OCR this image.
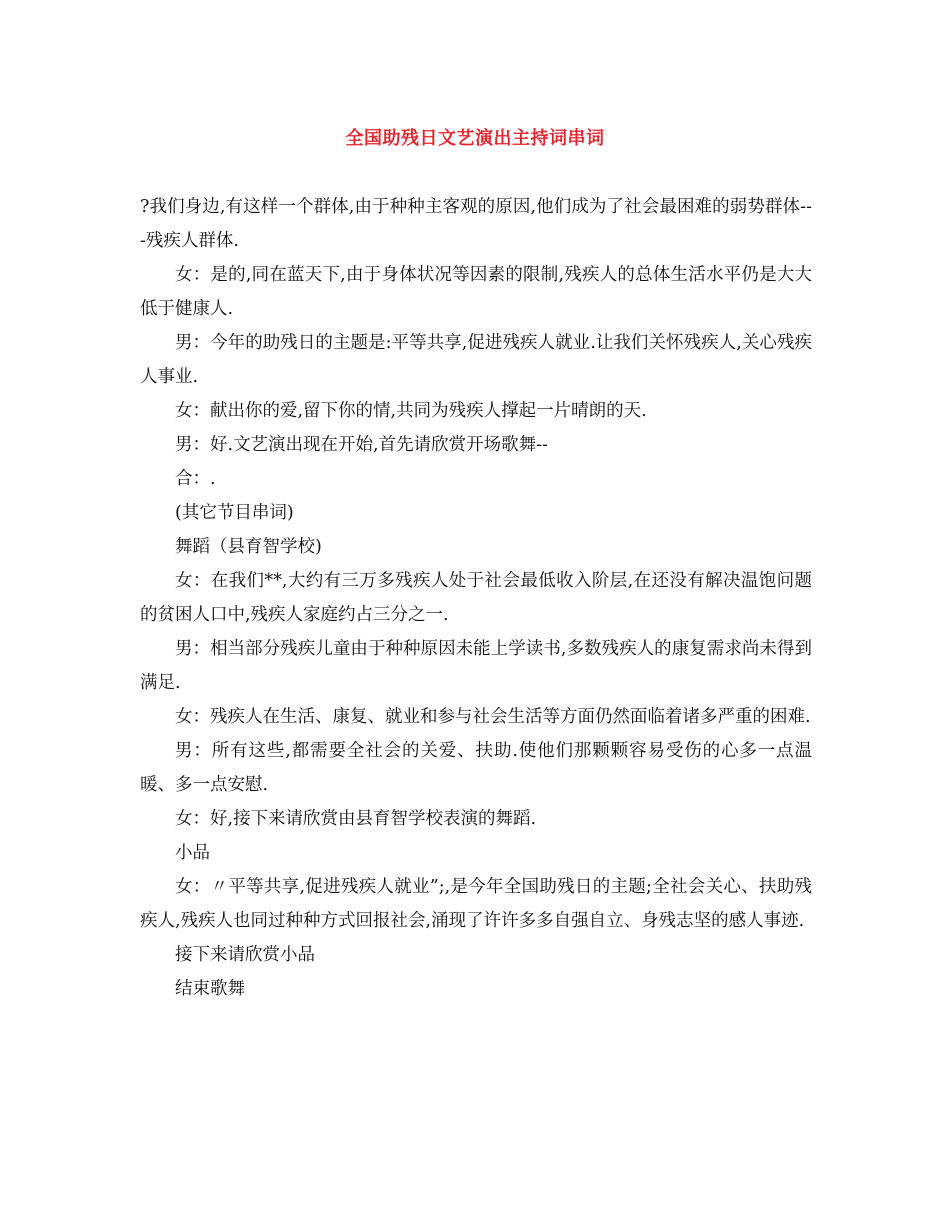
全国助残日文艺演出主持词串词

?我们身边,有这样一个群体,由于种种主客观的原因,他们成为了社会最困难的弱势群体---残疾人群体.

女：是的,同在蓝天下,由于身体状况等因素的限制,残疾人的总体生活水平仍是大大低于健康人.

男：今年的助残日的主题是:平等共享,促进残疾人就业.让我们关怀残疾人,关心残疾人事业.

女：献出你的爱,留下你的情,共同为残疾人撑起一片晴朗的天.

男：好.文艺演出现在开始,首先请欣赏开场歌舞--

合：.

(其它节目串词)

舞蹈（县育智学校)

女：在我们**,大约有三万多残疾人处于社会最低收入阶层,在还没有解决温饱问题的贫困人口中,残疾人家庭约占三分之一.

男：相当部分残疾儿童由于种种原因未能上学读书,多数残疾人的康复需求尚未得到满足.

女：残疾人在生活、康复、就业和参与社会生活等方面仍然面临着诸多严重的困难.

男：所有这些,都需要全社会的关爱、扶助.使他们那颗颗容易受伤的心多一点温暖、多一点安慰.

女：好,接下来请欣赏由县育智学校表演的舞蹈.

小品

女：〃平等共享,促进残疾人就业”;,是今年全国助残日的主题;全社会关心、扶助残疾人,残疾人也同过种种方式回报社会,涌现了许许多多自强自立、身残志坚的感人事迹.

接下来请欣赏小品

结束歌舞
